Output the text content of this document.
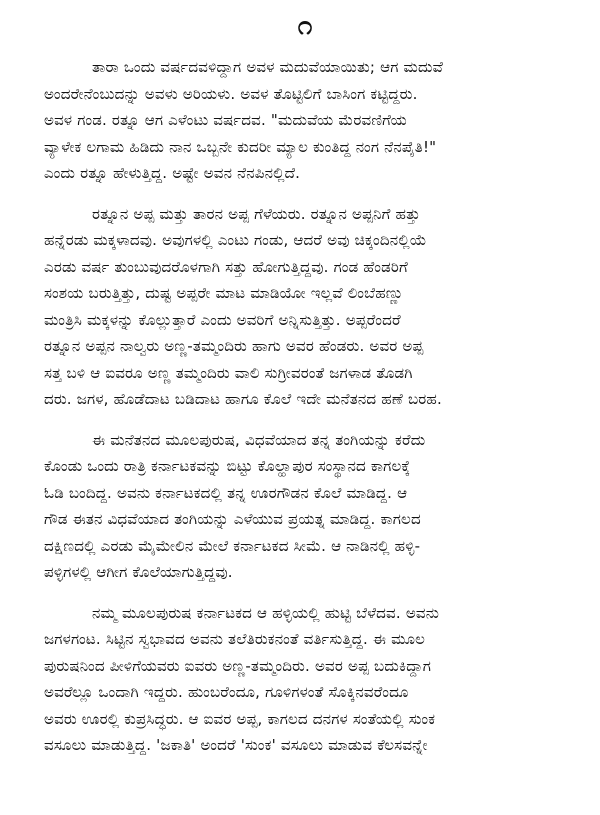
೧
ತಾರಾ ಒಂದು ವರ್ಷದವಳಿದ್ದಾಗ ಅವಳ ಮದುವೆಯಾಯಿತು; ಆಗ ಮದುವೆ
ಅಂದರೇನೆಂಬುದನ್ನು ಅವಳು ಅರಿಯಳು. ಅವಳ ತೊಟ್ಟಿಲಿಗೆ ಬಾಸಿಂಗ ಕಟ್ಟಿದ್ದರು.
ಅವಳ ಗಂಡ. ರತ್ನೂ ಆಗ ಎಳೆಂಟು ವರ್ಷದವ. "ಮದುವೆಯ ಮೆರವಣಿಗೆಯ
ವ್ಯಾಳೇಕ ಲಗಾಮ ಹಿಡಿದು ನಾನ ಒಬ್ಬನೇ ಕುದರೀ ಮ್ಯಾಲ ಕುಂತಿದ್ದ ನಂಗ ನೆನಪೈತಿ!"
ಎಂದು ರತ್ನೂ ಹೇಳುತ್ತಿದ್ದ. ಅಷ್ಟೇ ಅವನ ನೆನಪಿನಲ್ಲಿದೆ.
ರತ್ನೂನ ಅಪ್ಪ ಮತ್ತು ತಾರನ ಅಪ್ಪ ಗೆಳೆಯರು. ರತ್ನೂನ ಅಪ್ಪನಿಗೆ ಹತ್ತು
ಹನ್ನೆರಡು ಮಕ್ಕಳಾದವು. ಅವುಗಳಲ್ಲಿ ಎಂಟು ಗಂಡು, ಆದರೆ ಅವು ಚಿಕ್ಕಂದಿನಲ್ಲಿಯೆ
ಎರಡು ವರ್ಷ ತುಂಬುವುದರೊಳಗಾಗಿ ಸತ್ತು ಹೋಗುತ್ತಿದ್ದವು. ಗಂಡ ಹೆಂಡರಿಗೆ
ಸಂಶಯ ಬರುತ್ತಿತ್ತು, ದುಷ್ಟ ಅಪ್ಪರೇ ಮಾಟ ಮಾಡಿಯೋ ಇಲ್ಲವೆ ಲಿಂಬೆಹಣ್ಣು
ಮಂತ್ರಿಸಿ ಮಕ್ಕಳನ್ನು ಕೊಲ್ಲುತ್ತಾರೆ ಎಂದು ಅವರಿಗೆ ಅನ್ನಿಸುತ್ತಿತ್ತು. ಅಪ್ಪರೆಂದರೆ
ರತ್ನೂನ ಅಪ್ಪನ ನಾಲ್ವರು ಅಣ್ಣ-ತಮ್ಮಂದಿರು ಹಾಗು ಅವರ ಹೆಂಡರು. ಅವರ ಅಪ್ಪ
ಸತ್ತ ಬಳಿ ಆ ಐವರೂ ಅಣ್ಣ ತಮ್ಮಂದಿರು ವಾಲಿ ಸುಗ್ರೀವರಂತೆ ಜಗಳಾಡ ತೊಡಗಿ
ದರು. ಜಗಳ, ಹೊಡೆದಾಟ ಬಡಿದಾಟ ಹಾಗೂ ಕೊಲೆ ಇದೇ ಮನೆತನದ ಹಣೆ ಬರಹ.
ಈ ಮನೆತನದ ಮೂಲಪುರುಷ, ವಿಧವೆಯಾದ ತನ್ನ ತಂಗಿಯನ್ನು ಕರೆದು
ಕೊಂಡು ಒಂದು ರಾತ್ರಿ ಕರ್ನಾಟಕವನ್ನು ಬಿಟ್ಟು ಕೊಲ್ಹಾಪುರ ಸಂಸ್ಥಾನದ ಕಾಗಲಕ್ಕೆ
ಓಡಿ ಬಂದಿದ್ದ. ಅವನು ಕರ್ನಾಟಕದಲ್ಲಿ ತನ್ನ ಊರಗೌಡನ ಕೊಲೆ ಮಾಡಿದ್ದ. ಆ
ಗೌಡ ಈತನ ವಿಧವೆಯಾದ ತಂಗಿಯನ್ನು ಎಳೆಯುವ ಪ್ರಯತ್ನ ಮಾಡಿದ್ದ. ಕಾಗಲದ
ದಕ್ಷಿಣದಲ್ಲಿ ಎರಡು ಮೈಮೇಲಿನ ಮೇಲೆ ಕರ್ನಾಟಕದ ಸೀಮೆ. ಆ ನಾಡಿನಲ್ಲಿ ಹಳ್ಳಿ-
ಪಳ್ಳಿಗಳಲ್ಲಿ ಆಗೀಗ ಕೊಲೆಯಾಗುತ್ತಿದ್ದವು.
ನಮ್ಮ ಮೂಲಪುರುಷ ಕರ್ನಾಟಕದ ಆ ಹಳ್ಳಿಯಲ್ಲಿ ಹುಟ್ಟಿ ಬೆಳೆದವ. ಅವನು
ಜಗಳಗಂಟ. ಸಿಟ್ಟಿನ ಸ್ವಭಾವದ ಅವನು ತಲೆತಿರುಕನಂತೆ ವರ್ತಿಸುತ್ತಿದ್ದ. ಈ ಮೂಲ
ಪುರುಷನಿಂದ ಪೀಳಿಗೆಯವರು ಐವರು ಅಣ್ಣ-ತಮ್ಮಂದಿರು. ಅವರ ಅಪ್ಪ ಬದುಕಿದ್ದಾಗ
ಅವರೆಲ್ಲೂ ಒಂದಾಗಿ ಇದ್ದರು. ಹುಂಬರೆಂದೂ, ಗೂಳಿಗಳಂತೆ ಸೊಕ್ಕಿನವರೆಂದೂ
ಅವರು ಊರಲ್ಲಿ ಕುಪ್ರಸಿದ್ಧರು. ಆ ಐವರ ಅಪ್ಪ, ಕಾಗಲದ ದನಗಳ ಸಂತೆಯಲ್ಲಿ ಸುಂಕ
ವಸೂಲು ಮಾಡುತ್ತಿದ್ದ. 'ಜಕಾತಿ' ಅಂದರೆ 'ಸುಂಕ' ವಸೂಲು ಮಾಡುವ ಕೆಲಸವನ್ನೇ
